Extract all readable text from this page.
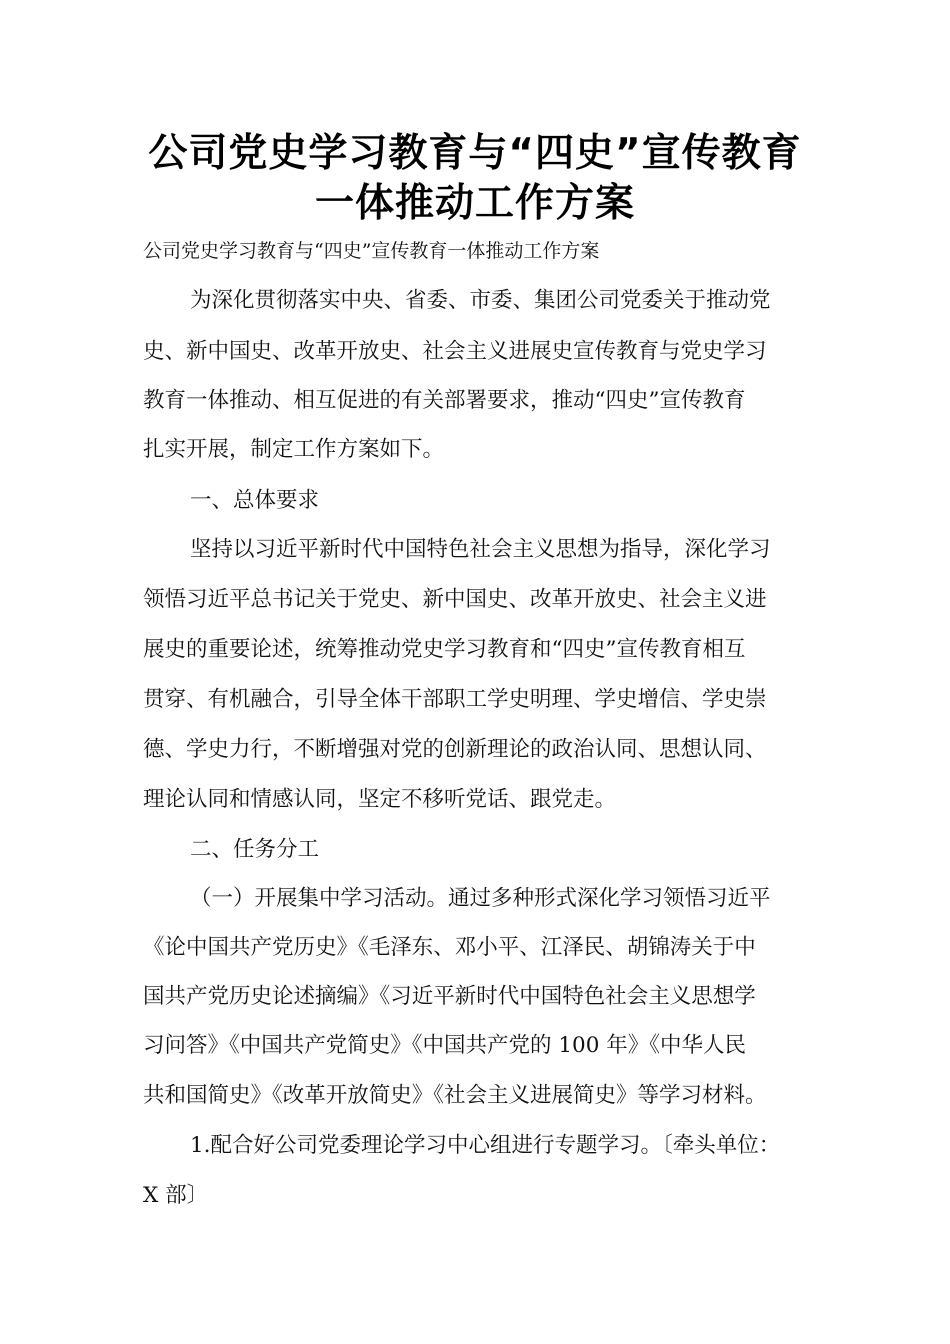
公司党史学习教育与“四史”宣传教育
一体推动工作方案
公司党史学习教育与“四史”宣传教育一体推动工作方案
为深化贯彻落实中央、省委、市委、集团公司党委关于推动党
史、新中国史、改革开放史、社会主义进展史宣传教育与党史学习
教育一体推动、相互促进的有关部署要求，推动“四史”宣传教育
扎实开展，制定工作方案如下。
一、总体要求
坚持以习近平新时代中国特色社会主义思想为指导，深化学习
领悟习近平总书记关于党史、新中国史、改革开放史、社会主义进
展史的重要论述，统筹推动党史学习教育和“四史”宣传教育相互
贯穿、有机融合，引导全体干部职工学史明理、学史增信、学史崇
德、学史力行，不断增强对党的创新理论的政治认同、思想认同、
理论认同和情感认同，坚定不移听党话、跟党走。
二、任务分工
（一）开展集中学习活动。通过多种形式深化学习领悟习近平
《论中国共产党历史》《毛泽东、邓小平、江泽民、胡锦涛关于中
国共产党历史论述摘编》《习近平新时代中国特色社会主义思想学
习问答》《中国共产党简史》《中国共产党的 100 年》《中华人民
共和国简史》《改革开放简史》《社会主义进展简史》等学习材料。
1.配合好公司党委理论学习中心组进行专题学习。〔牵头单位：
X 部〕
